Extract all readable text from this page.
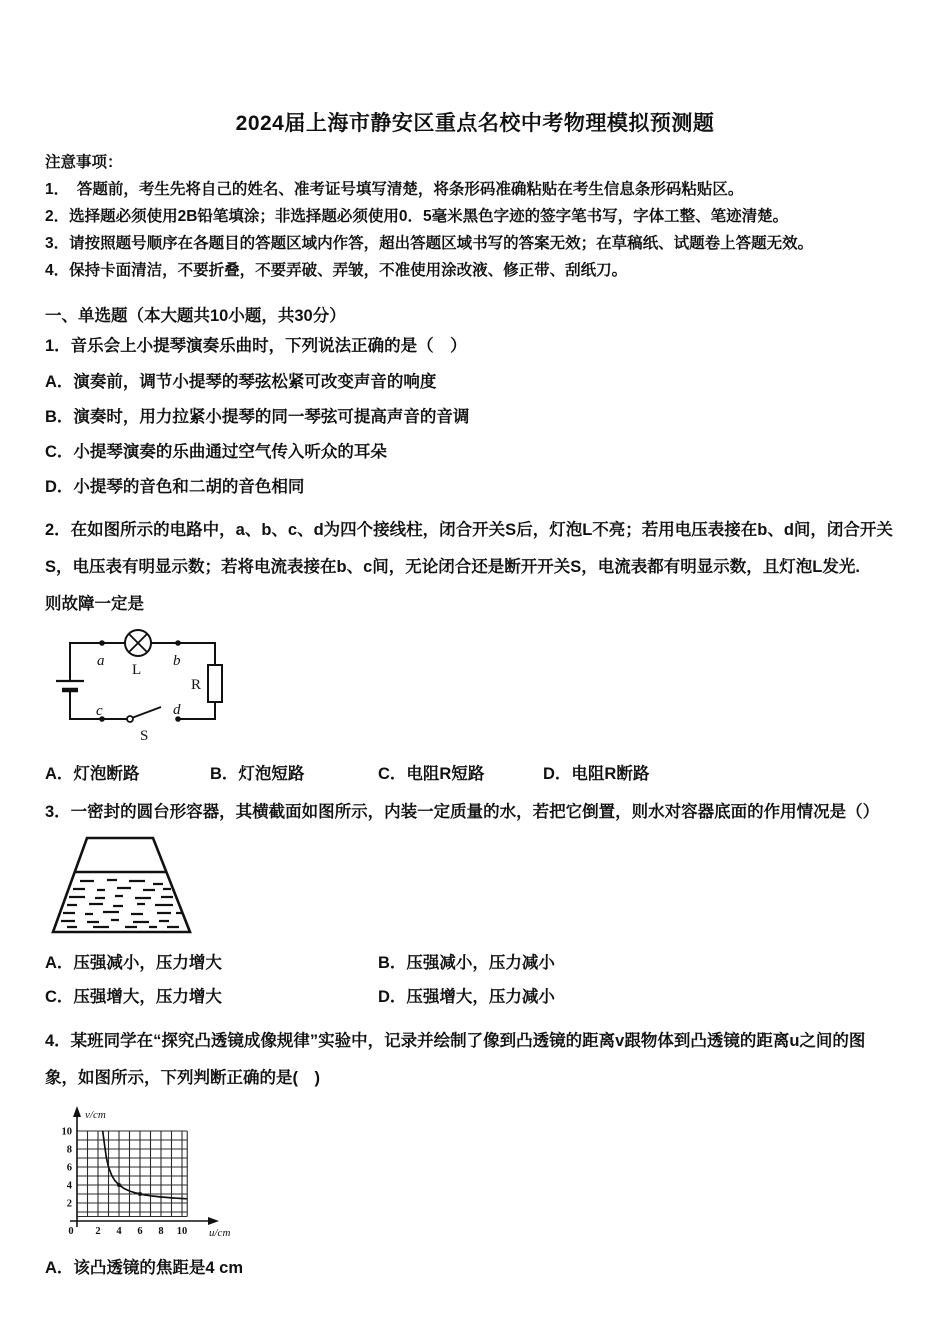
2024届上海市静安区重点名校中考物理模拟预测题

注意事项：

1．　答题前，考生先将自己的姓名、准考证号填写清楚，将条形码准确粘贴在考生信息条形码粘贴区。

2．选择题必须使用2B铅笔填涂；非选择题必须使用0．5毫米黑色字迹的签字笔书写，字体工整、笔迹清楚。

3．请按照题号顺序在各题目的答题区域内作答，超出答题区域书写的答案无效；在草稿纸、试题卷上答题无效。

4．保持卡面清洁，不要折叠，不要弄破、弄皱，不准使用涂改液、修正带、刮纸刀。

一、单选题（本大题共10小题，共30分）

1．音乐会上小提琴演奏乐曲时，下列说法正确的是（　）

A．演奏前，调节小提琴的琴弦松紧可改变声音的响度

B．演奏时，用力拉紧小提琴的同一琴弦可提高声音的音调

C．小提琴演奏的乐曲通过空气传入听众的耳朵

D．小提琴的音色和二胡的音色相同

2．在如图所示的电路中，a、b、c、d为四个接线柱，闭合开关S后，灯泡L不亮；若用电压表接在b、d间，闭合开关

S，电压表有明显示数；若将电流表接在b、c间，无论闭合还是断开开关S，电流表都有明显示数，且灯泡L发光.

则故障一定是

a	b
c	d
L
R
S
A．灯泡断路	B．灯泡短路	C．电阻R短路	D．电阻R断路

3．一密封的圆台形容器，其横截面如图所示，内装一定质量的水，若把它倒置，则水对容器底面的作用情况是（）

A．压强减小，压力增大	B．压强减小，压力减小
C．压强增大，压力增大	D．压强增大，压力减小

4．某班同学在“探究凸透镜成像规律”实验中，记录并绘制了像到凸透镜的距离v跟物体到凸透镜的距离u之间的图

象，如图所示，下列判断正确的是(　)

v/cm
u/cm
0 2 4 6 8 10
2
4
6
8
10

A．该凸透镜的焦距是4 cm
